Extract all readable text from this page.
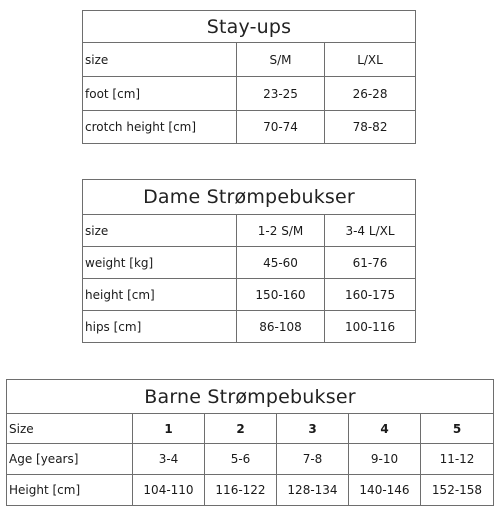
Stay-ups		
size	S/M	L/XL
foot [cm]	23-25	26-28
crotch height [cm]	70-74	78-82
Dame Strømpebukser		
size	1-2 S/M	3-4 L/XL
weight [kg]	45-60	61-76
height [cm]	150-160	160-175
hips [cm]	86-108	100-116
Barne Strømpebukser					
Size	1	2	3	4	5
Age [years]	3-4	5-6	7-8	9-10	11-12
Height [cm]	104-110	116-122	128-134	140-146	152-158
